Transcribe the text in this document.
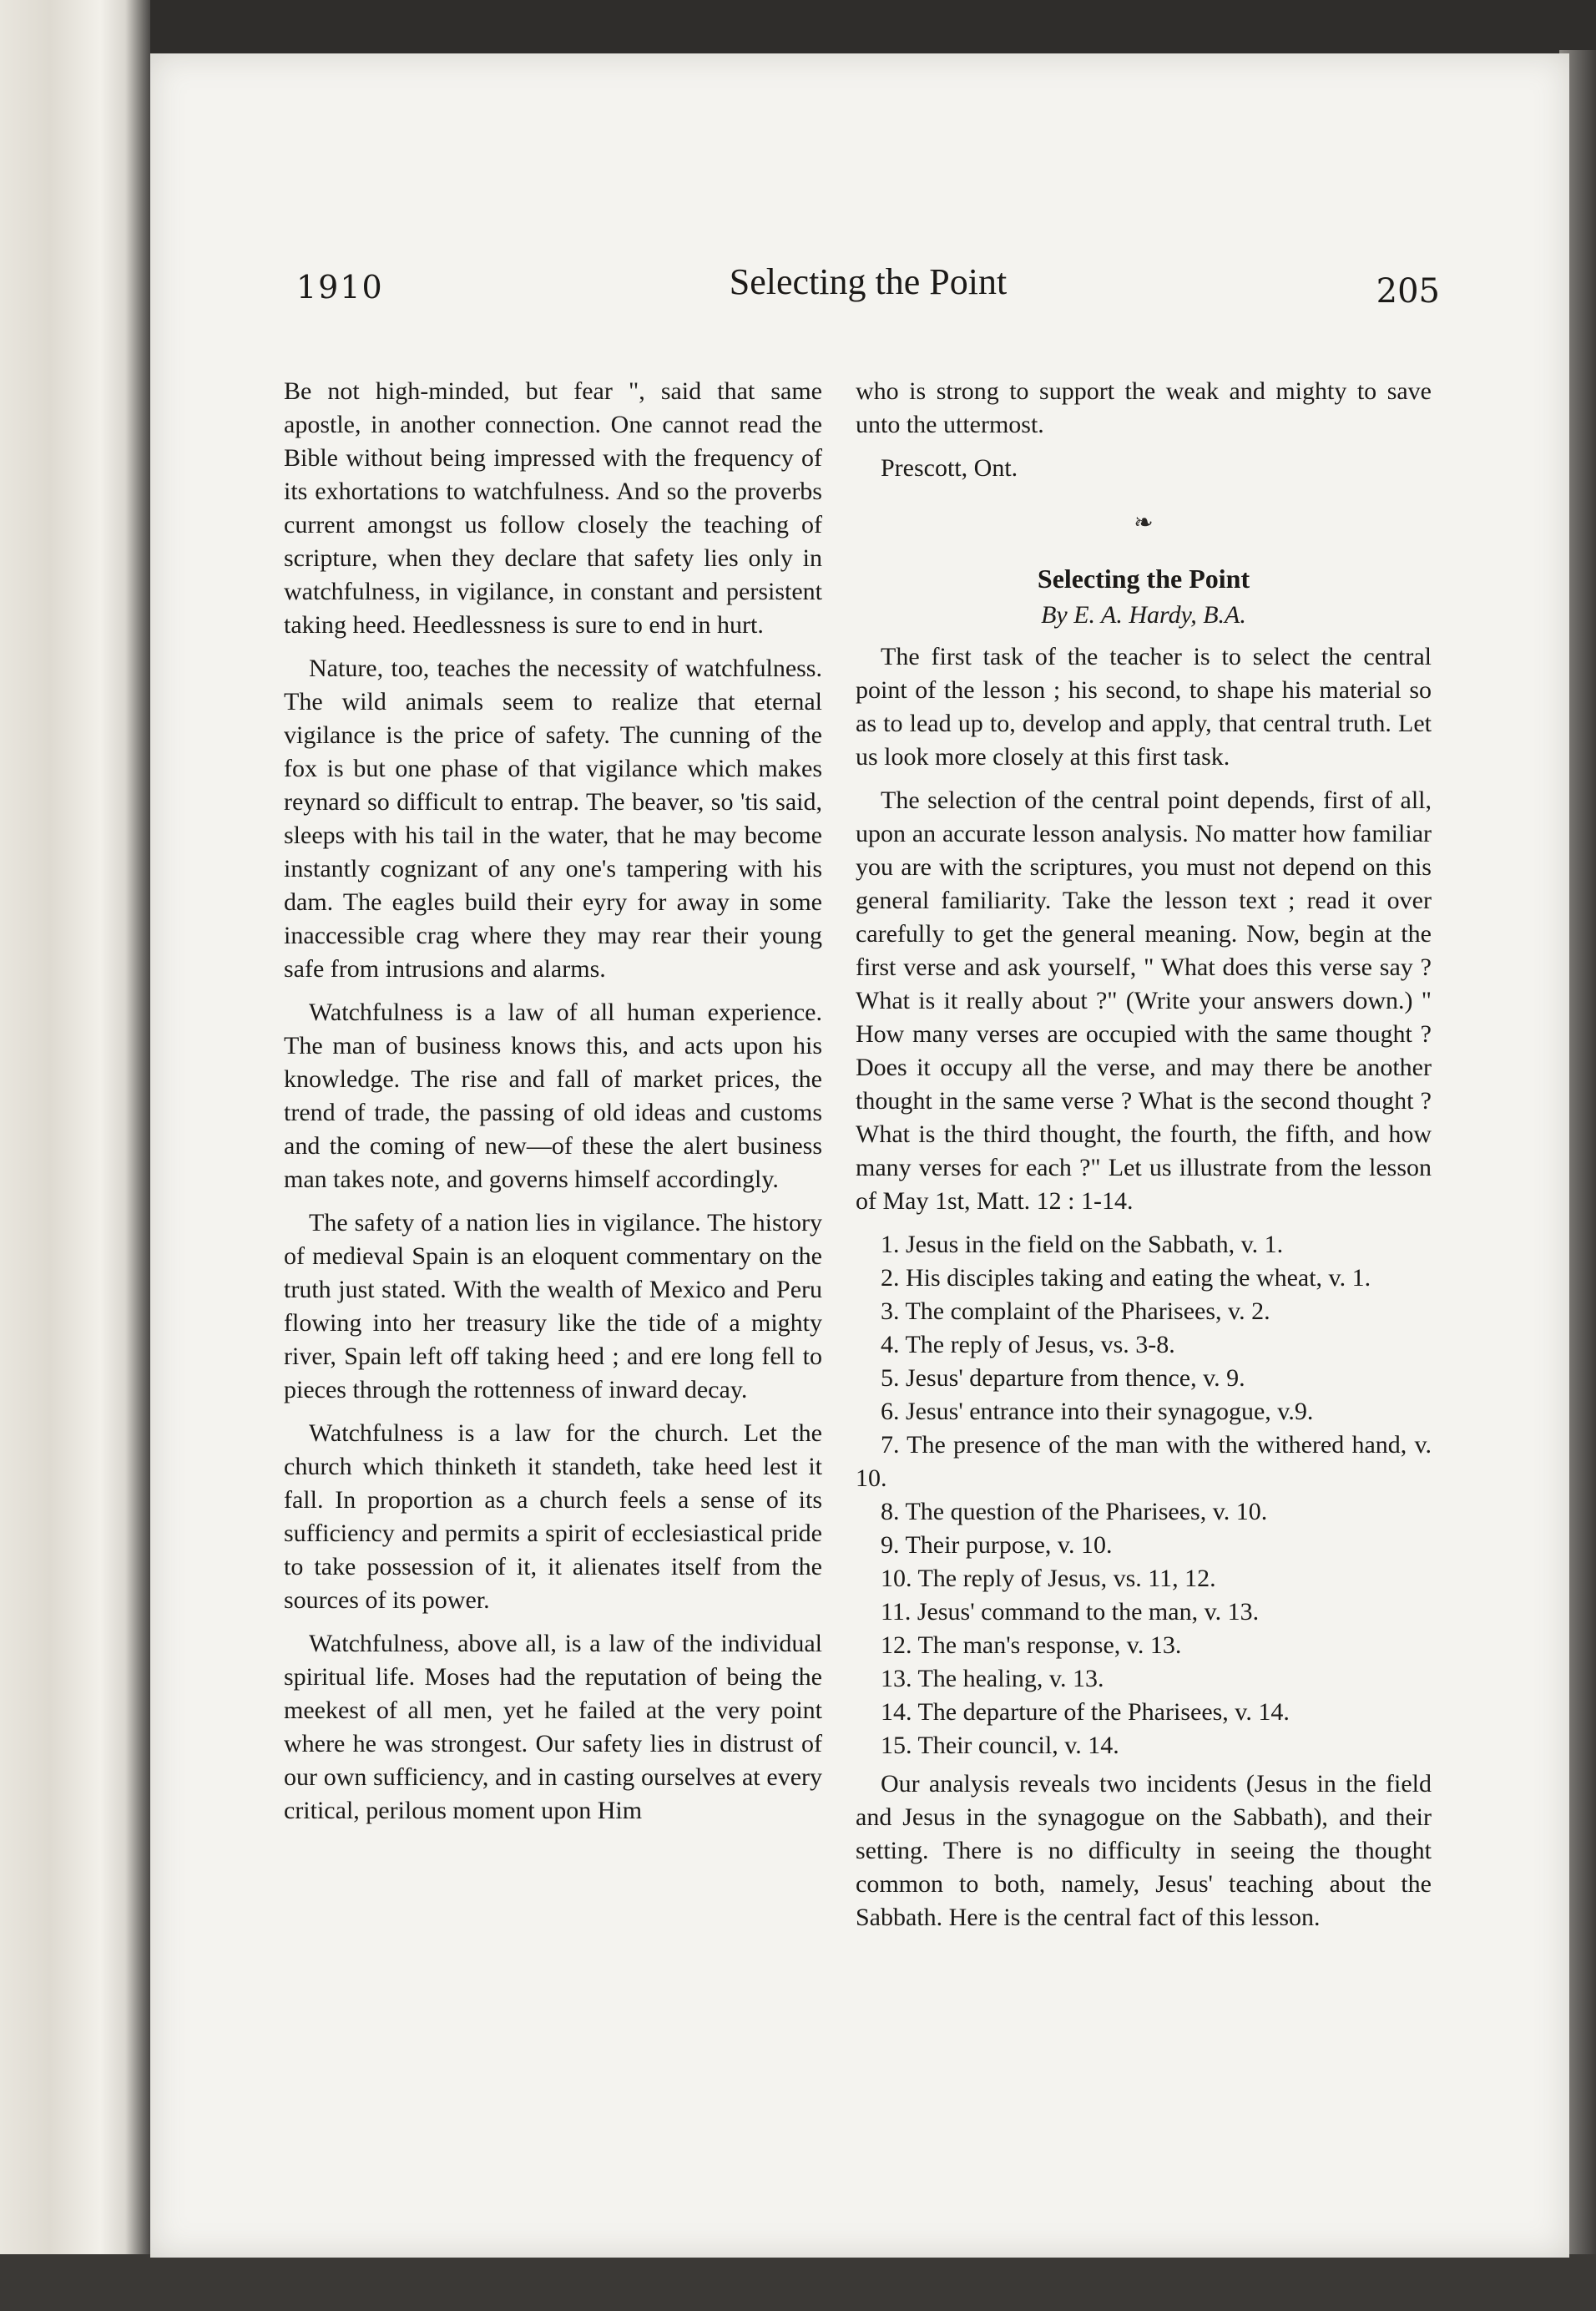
1910	Selecting the Point	205

Be not high-minded, but fear ", said that same apostle, in another connection. One cannot read the Bible without being impressed with the frequency of its exhortations to watchfulness. And so the proverbs current amongst us follow closely the teaching of scripture, when they declare that safety lies only in watchfulness, in vigilance, in constant and persistent taking heed. Heedlessness is sure to end in hurt.

Nature, too, teaches the necessity of watchfulness. The wild animals seem to realize that eternal vigilance is the price of safety. The cunning of the fox is but one phase of that vigilance which makes reynard so difficult to entrap. The beaver, so 'tis said, sleeps with his tail in the water, that he may become instantly cognizant of any one's tampering with his dam. The eagles build their eyry for away in some inaccessible crag where they may rear their young safe from intrusions and alarms.

Watchfulness is a law of all human experience. The man of business knows this, and acts upon his knowledge. The rise and fall of market prices, the trend of trade, the passing of old ideas and customs and the coming of new—of these the alert business man takes note, and governs himself accordingly.

The safety of a nation lies in vigilance. The history of medieval Spain is an eloquent commentary on the truth just stated. With the wealth of Mexico and Peru flowing into her treasury like the tide of a mighty river, Spain left off taking heed ; and ere long fell to pieces through the rottenness of inward decay.

Watchfulness is a law for the church. Let the church which thinketh it standeth, take heed lest it fall. In proportion as a church feels a sense of its sufficiency and permits a spirit of ecclesiastical pride to take possession of it, it alienates itself from the sources of its power.

Watchfulness, above all, is a law of the individual spiritual life. Moses had the reputation of being the meekest of all men, yet he failed at the very point where he was strongest. Our safety lies in distrust of our own sufficiency, and in casting ourselves at every critical, perilous moment upon Him

who is strong to support the weak and mighty to save unto the uttermost.

Prescott, Ont.
❧
Selecting the Point
By E. A. Hardy, B.A.

The first task of the teacher is to select the central point of the lesson ; his second, to shape his material so as to lead up to, develop and apply, that central truth. Let us look more closely at this first task.

The selection of the central point depends, first of all, upon an accurate lesson analysis. No matter how familiar you are with the scriptures, you must not depend on this general familiarity. Take the lesson text ; read it over carefully to get the general meaning. Now, begin at the first verse and ask yourself, " What does this verse say ? What is it really about ?" (Write your answers down.) " How many verses are occupied with the same thought ? Does it occupy all the verse, and may there be another thought in the same verse ? What is the second thought ? What is the third thought, the fourth, the fifth, and how many verses for each ?" Let us illustrate from the lesson of May 1st, Matt. 12 : 1-14.

1. Jesus in the field on the Sabbath, v. 1.
2. His disciples taking and eating the wheat, v. 1.
3. The complaint of the Pharisees, v. 2.
4. The reply of Jesus, vs. 3-8.
5. Jesus' departure from thence, v. 9.
6. Jesus' entrance into their synagogue, v.9.
7. The presence of the man with the withered hand, v. 10.
8. The question of the Pharisees, v. 10.
9. Their purpose, v. 10.
10. The reply of Jesus, vs. 11, 12.
11. Jesus' command to the man, v. 13.
12. The man's response, v. 13.
13. The healing, v. 13.
14. The departure of the Pharisees, v. 14.
15. Their council, v. 14.

Our analysis reveals two incidents (Jesus in the field and Jesus in the synagogue on the Sabbath), and their setting. There is no difficulty in seeing the thought common to both, namely, Jesus' teaching about the Sabbath. Here is the central fact of this lesson.
